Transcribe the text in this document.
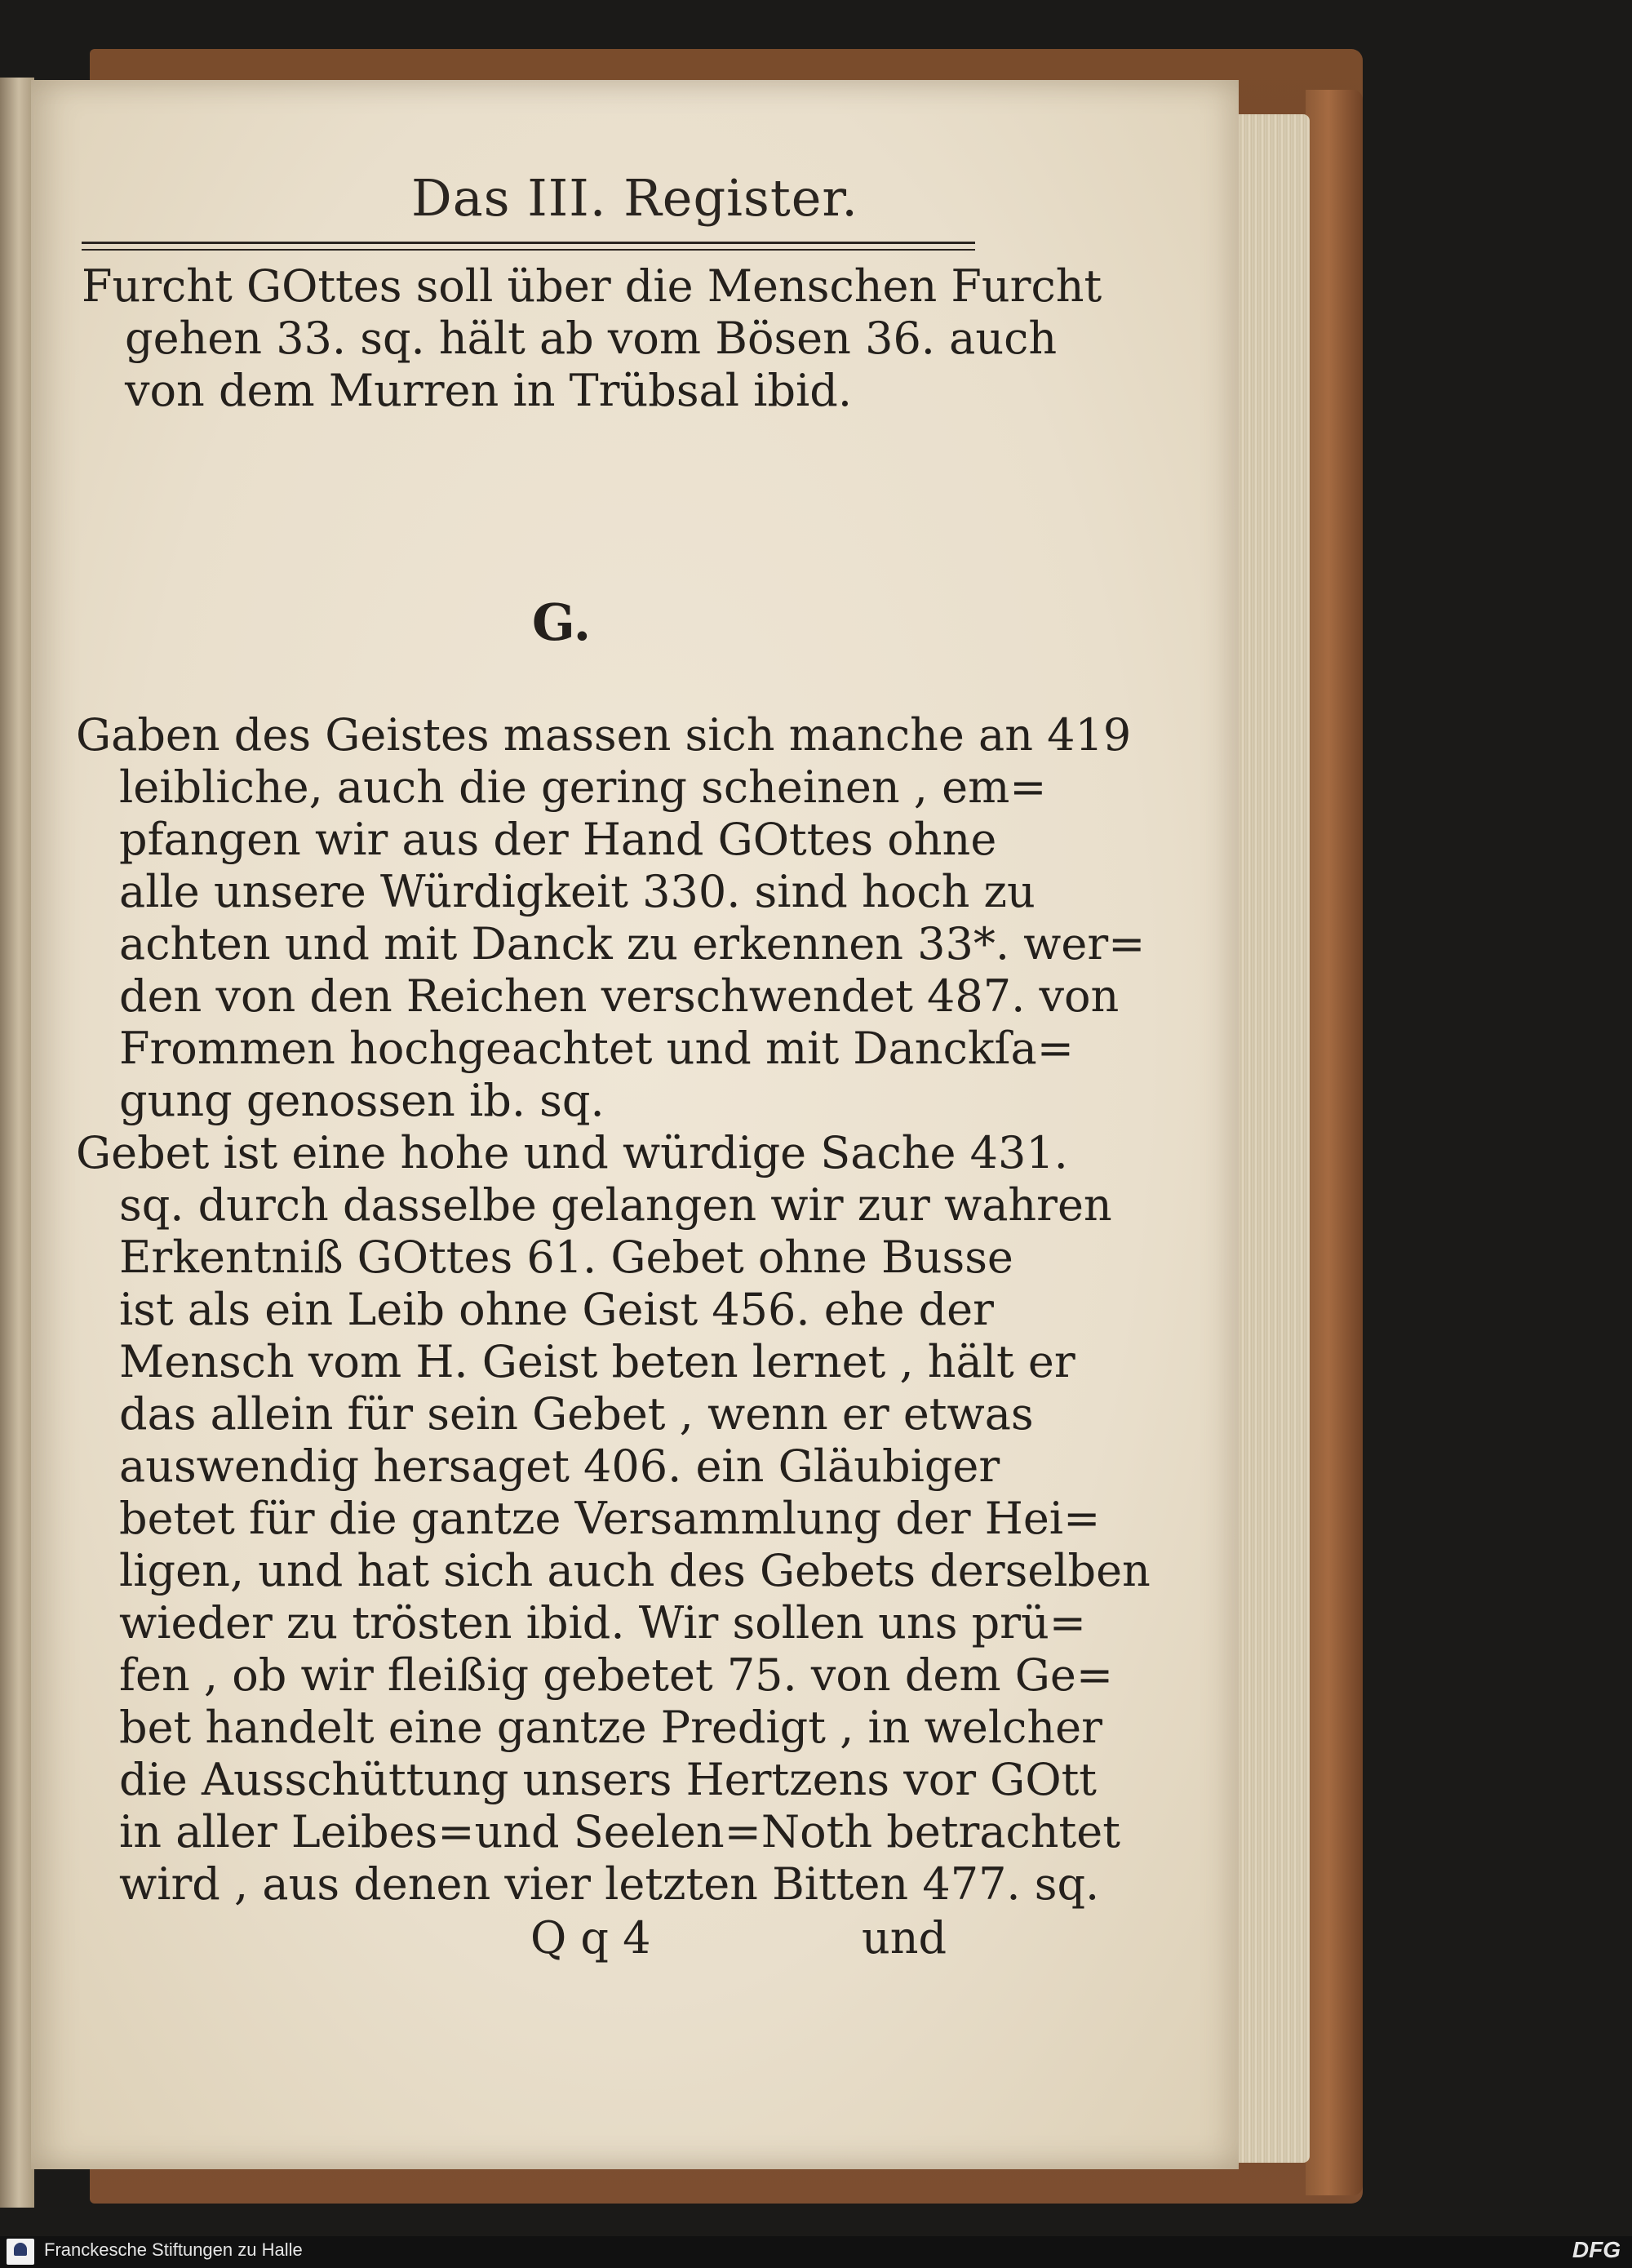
Das III. Register.
Furcht GOttes soll über die Menschen Furcht
gehen 33. sq. hält ab vom Bösen 36. auch
von dem Murren in Trübsal ibid.
G.
Gaben des Geistes massen sich manche an 419
leibliche, auch die gering scheinen , em=
pfangen wir aus der Hand GOttes ohne
alle unsere Würdigkeit 330. sind hoch zu
achten und mit Danck zu erkennen 33*. wer=
den von den Reichen verschwendet 487. von
Frommen hochgeachtet und mit Danckſa=
gung genossen ib. sq.
Gebet ist eine hohe und würdige Sache 431.
sq. durch dasselbe gelangen wir zur wahren
Erkentniß GOttes 61. Gebet ohne Busse
ist als ein Leib ohne Geist 456. ehe der
Mensch vom H. Geist beten lernet , hält er
das allein für sein Gebet , wenn er etwas
auswendig hersaget 406. ein Gläubiger
betet für die gantze Versammlung der Hei=
ligen, und hat sich auch des Gebets derselben
wieder zu trösten ibid. Wir sollen uns prü=
fen , ob wir fleißig gebetet 75. von dem Ge=
bet handelt eine gantze Predigt , in welcher
die Ausschüttung unsers Hertzens vor GOtt
in aller Leibes=und Seelen=Noth betrachtet
wird , aus denen vier letzten Bitten 477. sq.
Q q 4	und
Franckesche Stiftungen zu Halle	DFG
